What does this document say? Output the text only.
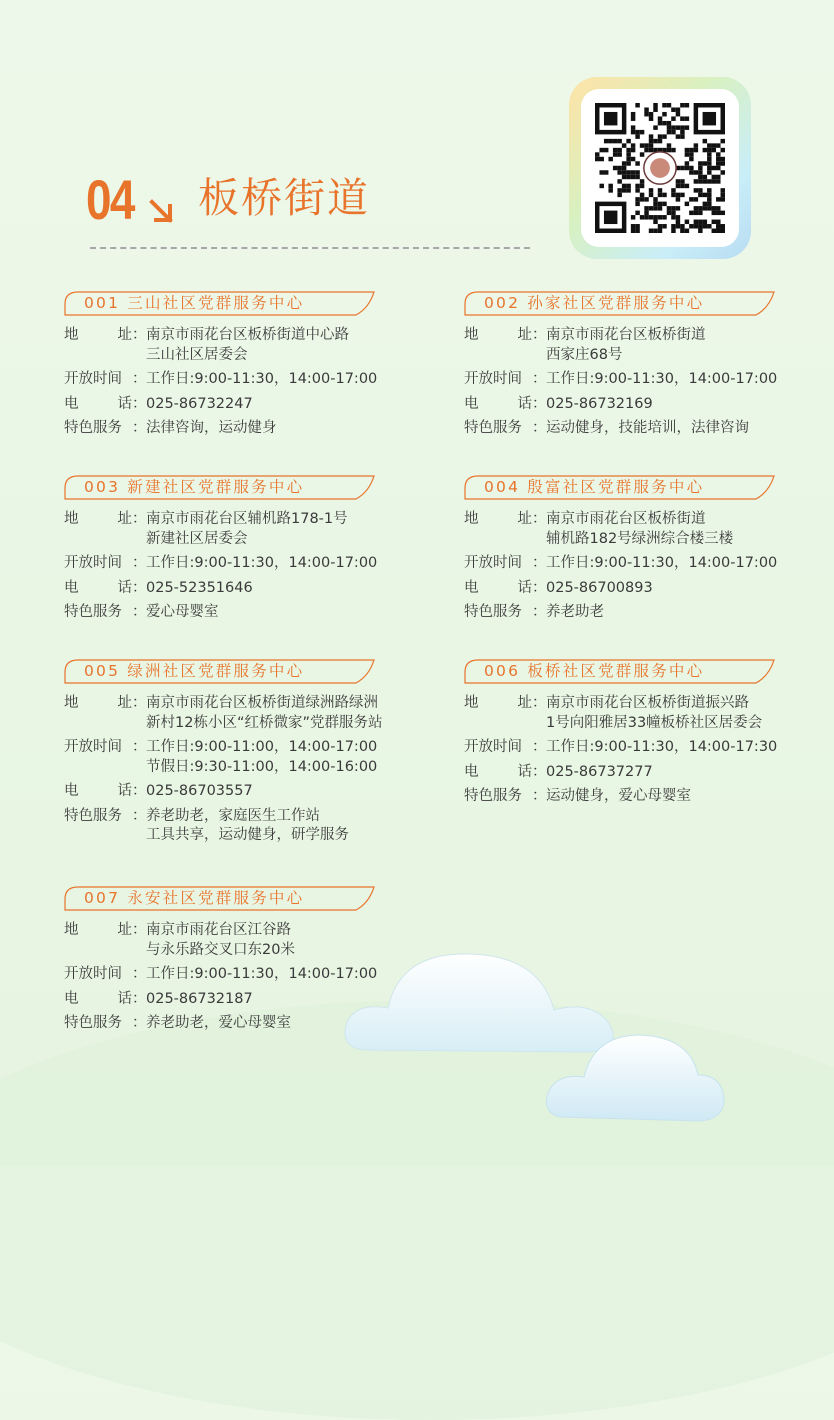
04 板桥街道
001 三山社区党群服务中心
地	址 ： 南京市雨花台区板桥街道中心路
三山社区居委会
开放时间 ： 工作日:9:00-11:30，14:00-17:00
电	话 ： 025-86732247
特色服务 ： 法律咨询，运动健身
002 孙家社区党群服务中心
地	址 ： 南京市雨花台区板桥街道
西家庄68号
开放时间 ： 工作日:9:00-11:30，14:00-17:00
电	话 ： 025-86732169
特色服务 ： 运动健身，技能培训，法律咨询
003 新建社区党群服务中心
地	址 ： 南京市雨花台区辅机路178-1号
新建社区居委会
开放时间 ： 工作日:9:00-11:30，14:00-17:00
电	话 ： 025-52351646
特色服务 ： 爱心母婴室
004 殷富社区党群服务中心
地	址 ： 南京市雨花台区板桥街道
辅机路182号绿洲综合楼三楼
开放时间 ： 工作日:9:00-11:30，14:00-17:00
电	话 ： 025-86700893
特色服务 ： 养老助老
005 绿洲社区党群服务中心
地	址 ： 南京市雨花台区板桥街道绿洲路绿洲
新村12栋小区“红桥微家”党群服务站
开放时间 ： 工作日:9:00-11:00，14:00-17:00
节假日:9:30-11:00，14:00-16:00
电	话 ： 025-86703557
特色服务 ： 养老助老，家庭医生工作站
工具共享，运动健身，研学服务
006 板桥社区党群服务中心
地	址 ： 南京市雨花台区板桥街道振兴路
1号向阳雅居33幢板桥社区居委会
开放时间 ： 工作日:9:00-11:30，14:00-17:30
电	话 ： 025-86737277
特色服务 ： 运动健身，爱心母婴室
007 永安社区党群服务中心
地	址 ： 南京市雨花台区江谷路
与永乐路交叉口东20米
开放时间 ： 工作日:9:00-11:30，14:00-17:00
电	话 ： 025-86732187
特色服务 ： 养老助老，爱心母婴室
